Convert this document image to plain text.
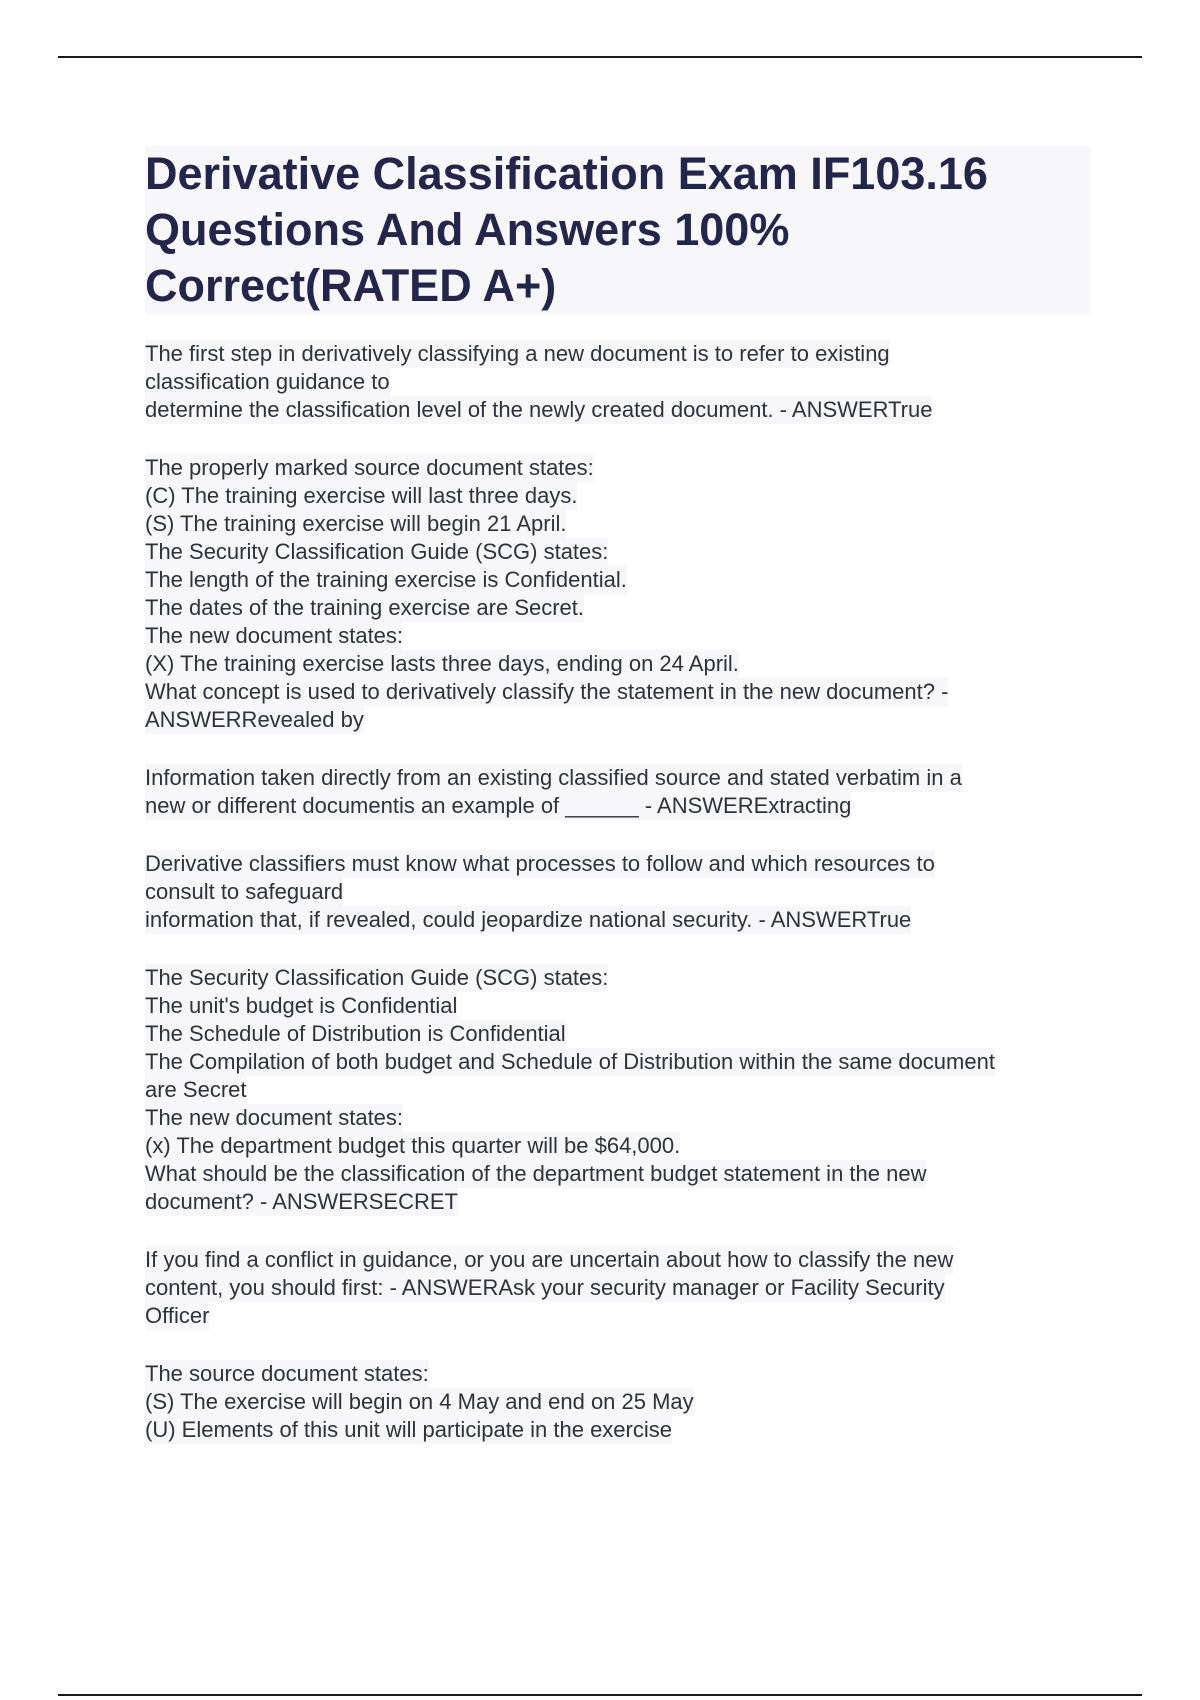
Derivative Classification Exam IF103.16
Questions And Answers 100%
Correct(RATED A+)
The first step in derivatively classifying a new document is to refer to existing
classification guidance to
determine the classification level of the newly created document. - ANSWERTrue
The properly marked source document states:
(C) The training exercise will last three days.
(S) The training exercise will begin 21 April.
The Security Classification Guide (SCG) states:
The length of the training exercise is Confidential.
The dates of the training exercise are Secret.
The new document states:
(X) The training exercise lasts three days, ending on 24 April.
What concept is used to derivatively classify the statement in the new document? -
ANSWERRevealed by
Information taken directly from an existing classified source and stated verbatim in a
new or different documentis an example of ______ - ANSWERExtracting
Derivative classifiers must know what processes to follow and which resources to
consult to safeguard
information that, if revealed, could jeopardize national security. - ANSWERTrue
The Security Classification Guide (SCG) states:
The unit's budget is Confidential
The Schedule of Distribution is Confidential
The Compilation of both budget and Schedule of Distribution within the same document
are Secret
The new document states:
(x) The department budget this quarter will be $64,000.
What should be the classification of the department budget statement in the new
document? - ANSWERSECRET
If you find a conflict in guidance, or you are uncertain about how to classify the new
content, you should first: - ANSWERAsk your security manager or Facility Security
Officer
The source document states:
(S) The exercise will begin on 4 May and end on 25 May
(U) Elements of this unit will participate in the exercise
